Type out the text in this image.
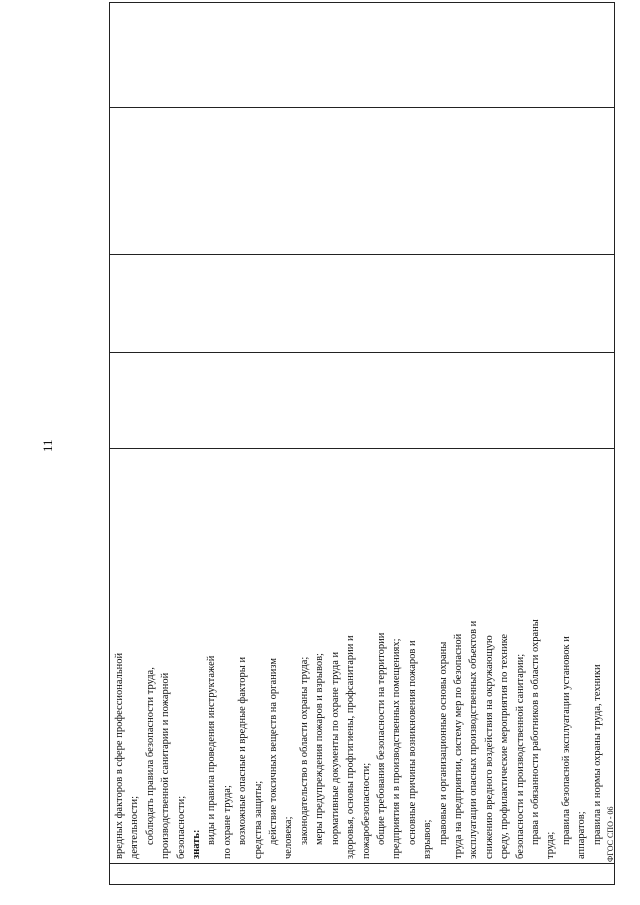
11

вредных факторов в сфере профессиональной деятельности; соблюдать правила безопасности труда, производственной санитарии и пожарной безопасности; знать: виды и правила проведения инструктажей по охране труда; возможные опасные и вредные факторы и средства защиты; действие токсичных веществ на организм человека; законодательство в области охраны труда; меры предупреждения пожаров и взрывов; нормативные документы по охране труда и здоровья, основы профгигиены, профсанитарии и пожаробезопасности; общие требования безопасности на территории предприятия и в производственных помещениях; основные причины возникновения пожаров и взрывов; правовые и организационные основы охраны труда на предприятии, систему мер по безопасной эксплуатации опасных производственных объектов и снижению вредного воздействия на окружающую среду, профилактические мероприятия по технике безопасности и производственной санитарии; права и обязанности работников в области охраны
труда;
правила безопасной эксплуатации установок и аппаратов; правила и нормы охраны труда, техники
				ФГОС СПО - 06
